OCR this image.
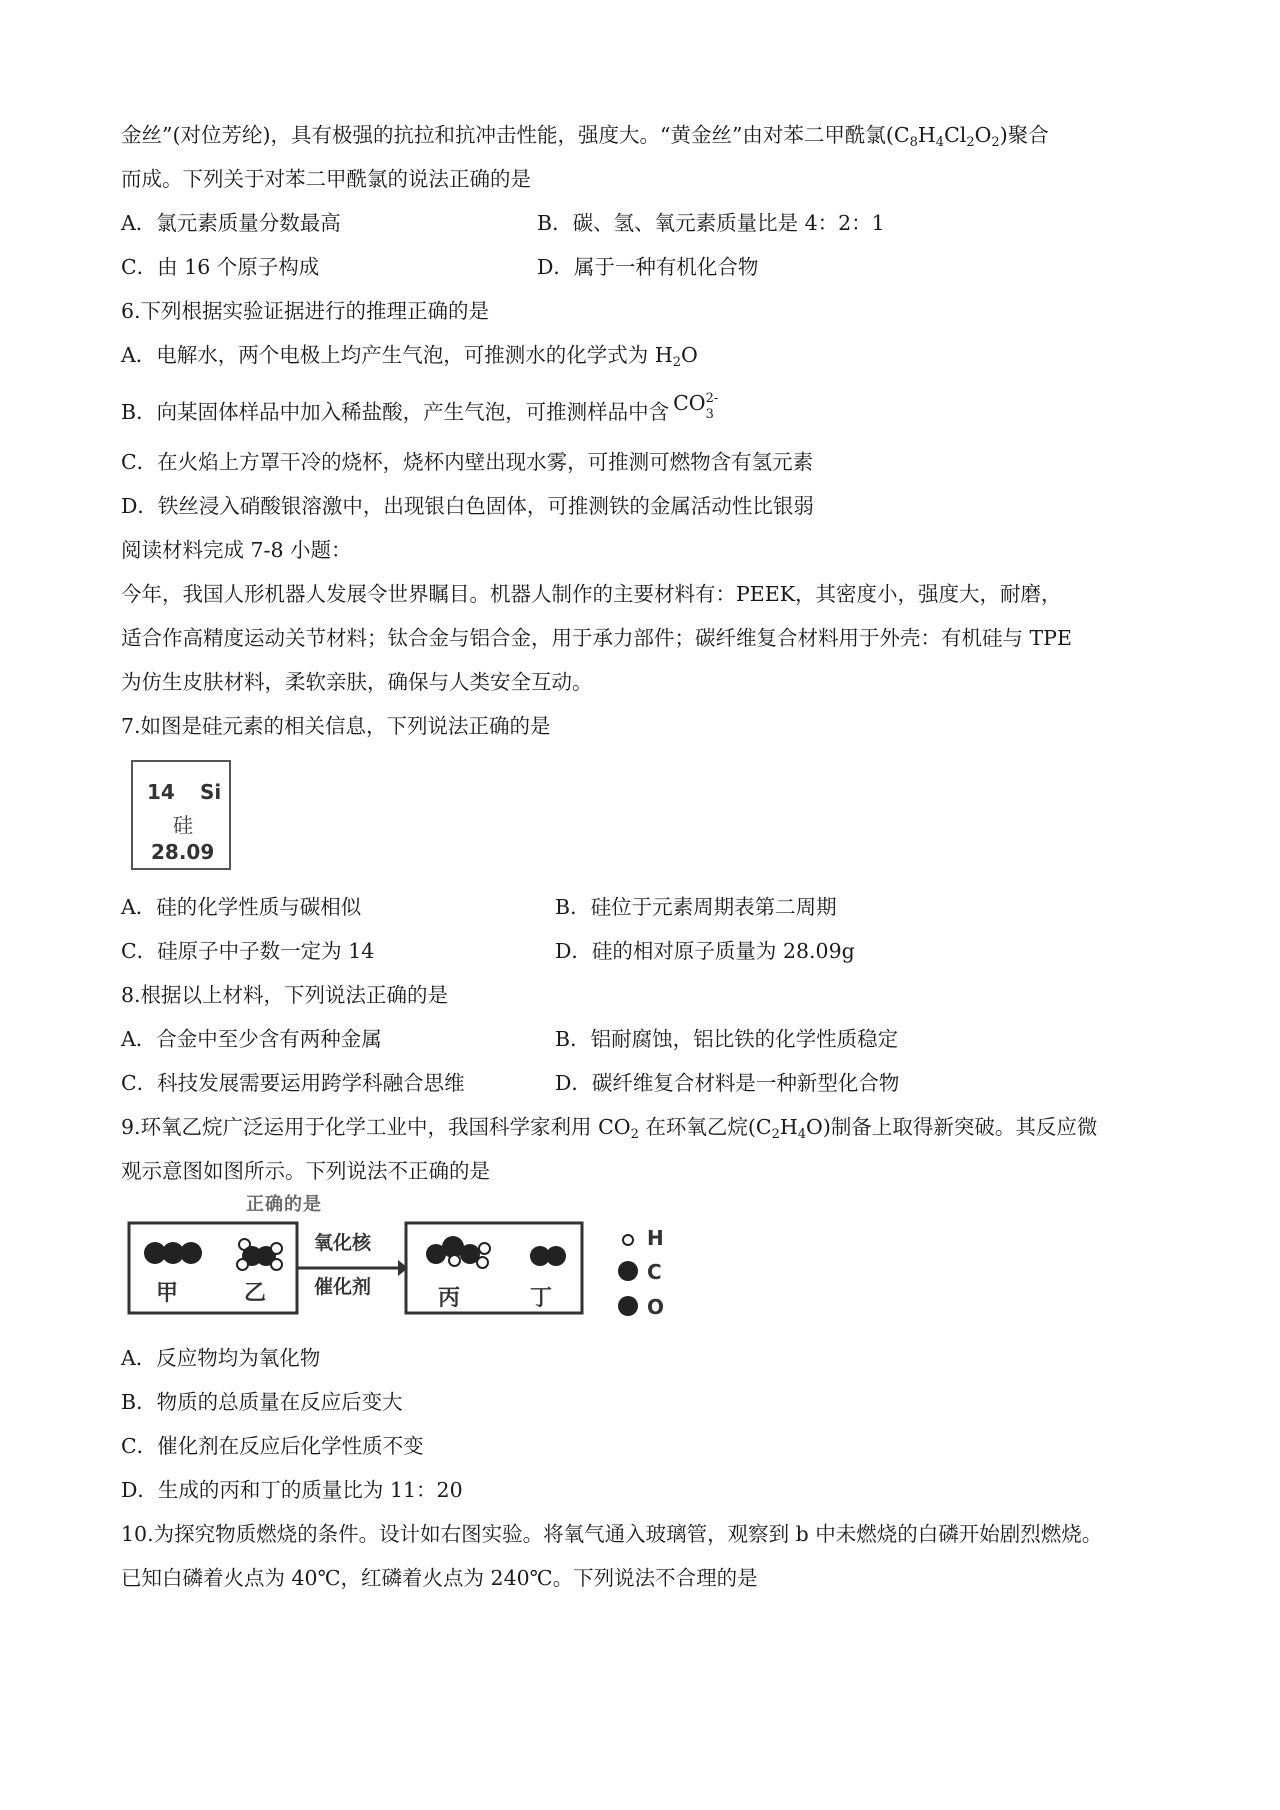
金丝”(对位芳纶)，具有极强的抗拉和抗冲击性能，强度大。“黄金丝”由对苯二甲酰氯$(C_8H_4Cl_2O_2)$聚合
而成。下列关于对苯二甲酰氯的说法正确的是
A．氯元素质量分数最高	B．碳、氢、氧元素质量比是 4：2：1
C．由 16 个原子构成	D．属于一种有机化合物
6.下列根据实验证据进行的推理正确的是
A．电解水，两个电极上均产生气泡，可推测水的化学式为 $H_2O$
B．向某固体样品中加入稀盐酸，产生气泡，可推测样品中含 CO 2-
3
C．在火焰上方罩干冷的烧杯，烧杯内壁出现水雾，可推测可燃物含有氢元素
D．铁丝浸入硝酸银溶激中，出现银白色固体，可推测铁的金属活动性比银弱
阅读材料完成 7-8 小题：
今年，我国人形机器人发展令世界瞩目。机器人制作的主要材料有：PEEK，其密度小，强度大，耐磨，
适合作高精度运动关节材料；钛合金与铝合金，用于承力部件；碳纤维复合材料用于外壳：有机硅与 TPE
为仿生皮肤材料，柔软亲肤，确保与人类安全互动。
7.如图是硅元素的相关信息，下列说法正确的是
14 Si
硅
28.09
A．硅的化学性质与碳相似	B．硅位于元素周期表第二周期
C．硅原子中子数一定为 14	D．硅的相对原子质量为 28.09g
8.根据以上材料，下列说法正确的是
A．合金中至少含有两种金属	B．铝耐腐蚀，铝比铁的化学性质稳定
C．科技发展需要运用跨学科融合思维	D．碳纤维复合材料是一种新型化合物
9.环氧乙烷广泛运用于化学工业中，我国科学家利用 $CO_2$ 在环氧乙烷$(C_2H_4O)$制备上取得新突破。其反应微
观示意图如图所示。下列说法不正确的是
正确的是
甲	乙
氧化核
催化剂	丙	丁
H
C
O
A．反应物均为氧化物
B．物质的总质量在反应后变大
C．催化剂在反应后化学性质不变
D．生成的丙和丁的质量比为 11：20
10.为探究物质燃烧的条件。设计如右图实验。将氧气通入玻璃管，观察到 b 中未燃烧的白磷开始剧烈燃烧。
已知白磷着火点为 40℃，红磷着火点为 240℃。下列说法不合理的是
